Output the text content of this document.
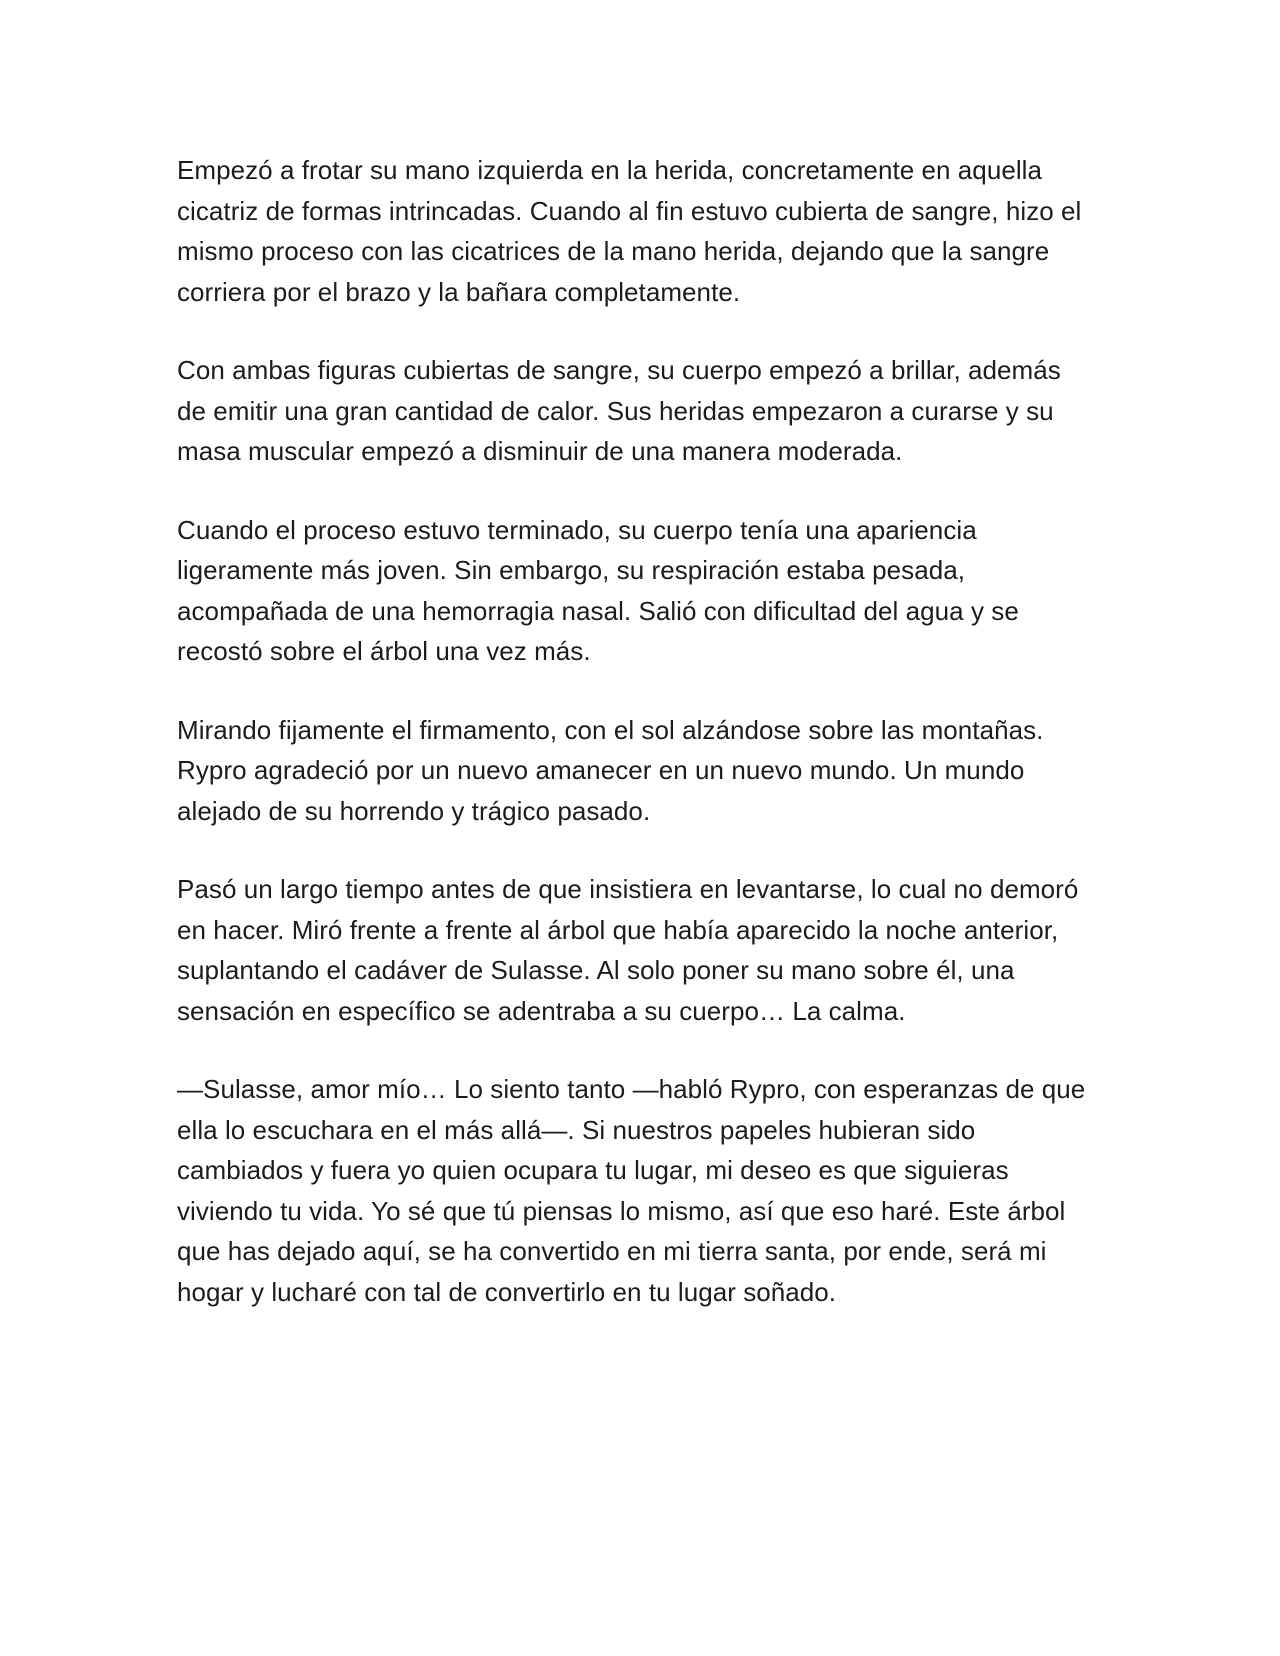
Empezó a frotar su mano izquierda en la herida, concretamente en aquella cicatriz de formas intrincadas. Cuando al fin estuvo cubierta de sangre, hizo el mismo proceso con las cicatrices de la mano herida, dejando que la sangre corriera por el brazo y la bañara completamente.

Con ambas figuras cubiertas de sangre, su cuerpo empezó a brillar, además de emitir una gran cantidad de calor. Sus heridas empezaron a curarse y su masa muscular empezó a disminuir de una manera moderada.

Cuando el proceso estuvo terminado, su cuerpo tenía una apariencia ligeramente más joven. Sin embargo, su respiración estaba pesada, acompañada de una hemorragia nasal. Salió con dificultad del agua y se recostó sobre el árbol una vez más.

Mirando fijamente el firmamento, con el sol alzándose sobre las montañas. Rypro agradeció por un nuevo amanecer en un nuevo mundo. Un mundo alejado de su horrendo y trágico pasado.

Pasó un largo tiempo antes de que insistiera en levantarse, lo cual no demoró en hacer. Miró frente a frente al árbol que había aparecido la noche anterior, suplantando el cadáver de Sulasse. Al solo poner su mano sobre él, una sensación en específico se adentraba a su cuerpo… La calma.

—Sulasse, amor mío… Lo siento tanto —habló Rypro, con esperanzas de que ella lo escuchara en el más allá—. Si nuestros papeles hubieran sido cambiados y fuera yo quien ocupara tu lugar, mi deseo es que siguieras viviendo tu vida. Yo sé que tú piensas lo mismo, así que eso haré. Este árbol que has dejado aquí, se ha convertido en mi tierra santa, por ende, será mi hogar y lucharé con tal de convertirlo en tu lugar soñado.
